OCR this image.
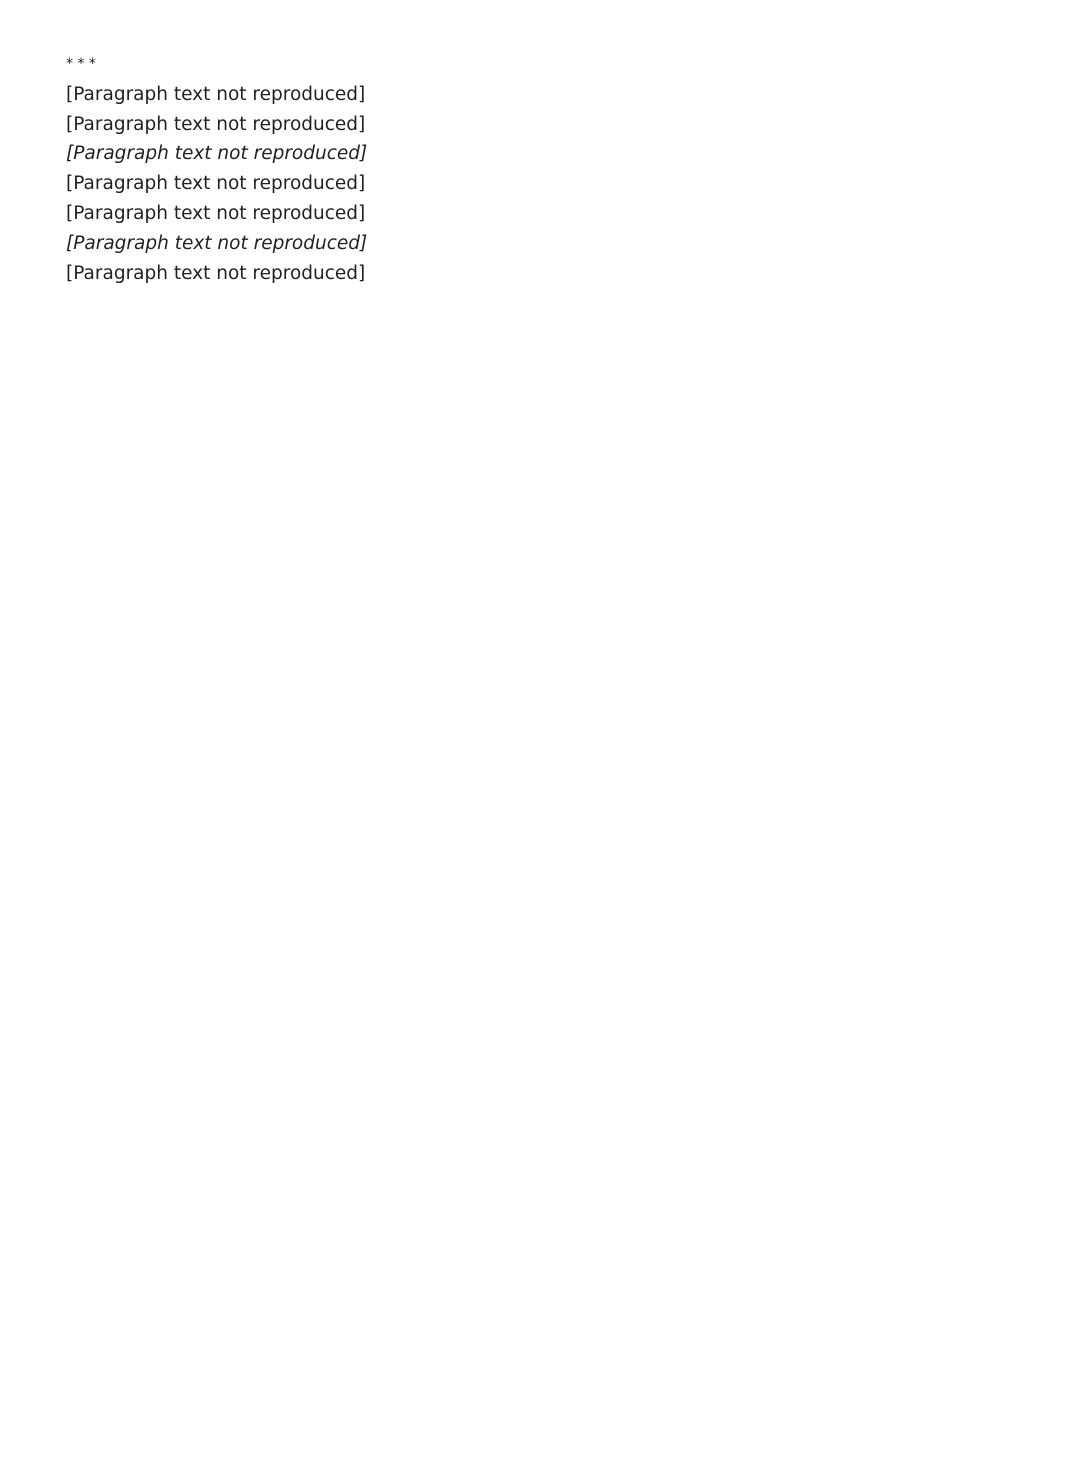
* * *

[Paragraph text not reproduced]

[Paragraph text not reproduced]

[Paragraph text not reproduced]

[Paragraph text not reproduced]

[Paragraph text not reproduced]

[Paragraph text not reproduced]

[Paragraph text not reproduced]
